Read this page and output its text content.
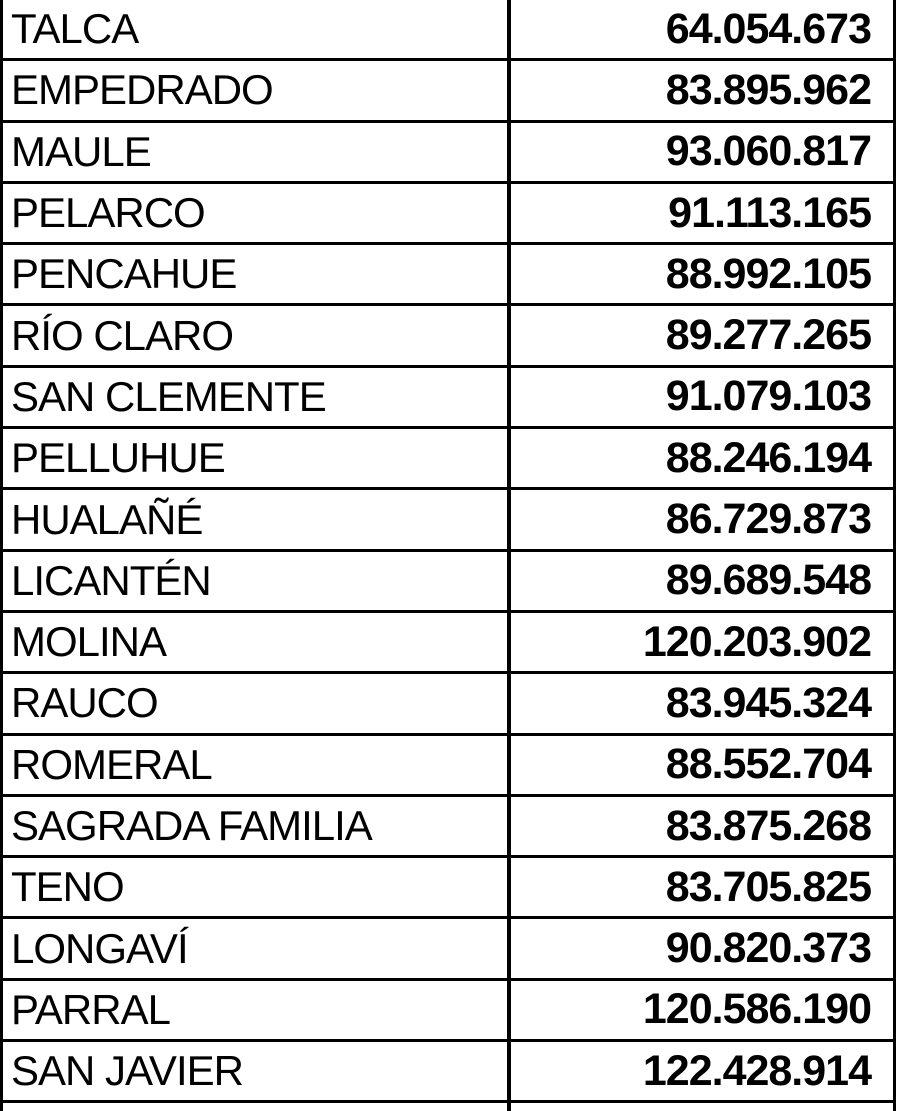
TALCA	64.054.673
EMPEDRADO	83.895.962
MAULE	93.060.817
PELARCO	91.113.165
PENCAHUE	88.992.105
RÍO CLARO	89.277.265
SAN CLEMENTE	91.079.103
PELLUHUE	88.246.194
HUALAÑÉ	86.729.873
LICANTÉN	89.689.548
MOLINA	120.203.902
RAUCO	83.945.324
ROMERAL	88.552.704
SAGRADA FAMILIA	83.875.268
TENO	83.705.825
LONGAVÍ	90.820.373
PARRAL	120.586.190
SAN JAVIER	122.428.914
